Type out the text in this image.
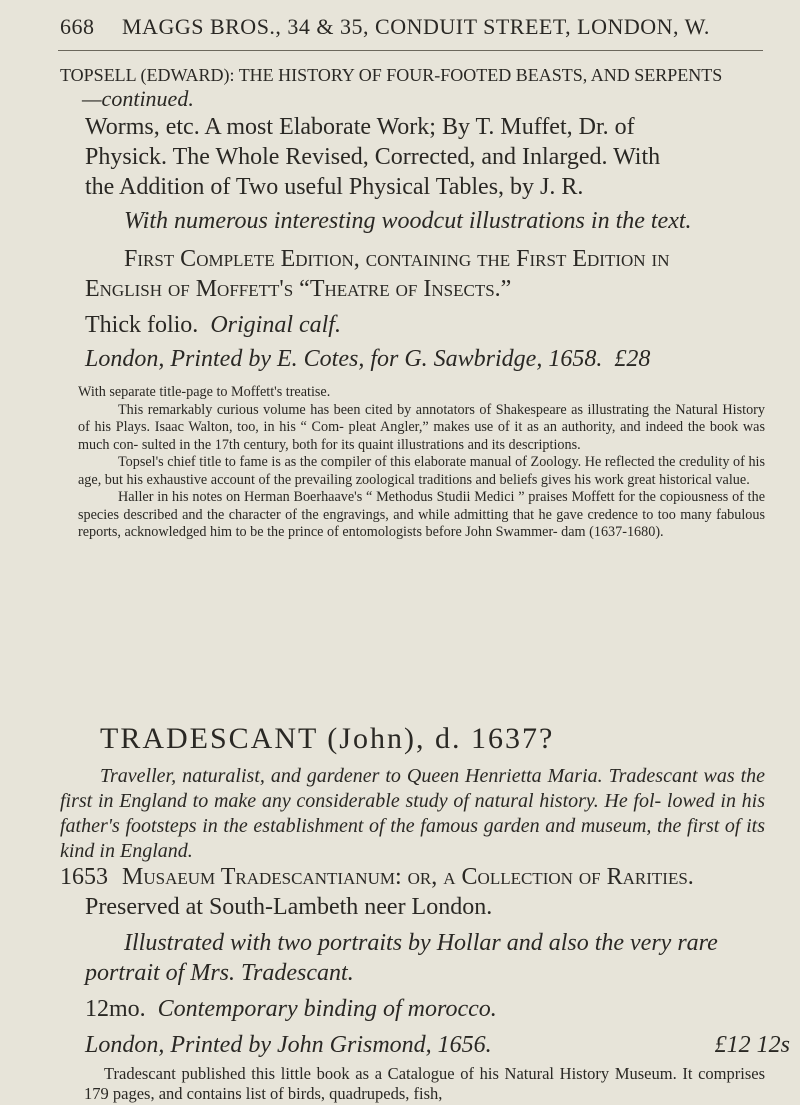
668 MAGGS BROS., 34 & 35, CONDUIT STREET, LONDON, W.
TOPSELL (EDWARD): THE HISTORY OF FOUR-FOOTED BEASTS, AND SERPENTS
—continued.
Worms, etc. A most Elaborate Work; By T. Muffet, Dr. of
Physick. The Whole Revised, Corrected, and Inlarged. With
the Addition of Two useful Physical Tables, by J. R.
With numerous interesting woodcut illustrations in the text.
First Complete Edition, containing the First Edition in
English of Moffett's “Theatre of Insects.”
Thick folio. Original calf.
London, Printed by E. Cotes, for G. Sawbridge, 1658. £28
With separate title-page to Moffett's treatise.
This remarkably curious volume has been cited by annotators of Shakespeare as illustrating the Natural History of his Plays. Isaac Walton, too, in his “ Com- pleat Angler,” makes use of it as an authority, and indeed the book was much con- sulted in the 17th century, both for its quaint illustrations and its descriptions.
Topsel's chief title to fame is as the compiler of this elaborate manual of Zoology. He reflected the credulity of his age, but his exhaustive account of the prevailing zoological traditions and beliefs gives his work great historical value.
Haller in his notes on Herman Boerhaave's “ Methodus Studii Medici ” praises Moffett for the copiousness of the species described and the character of the engravings, and while admitting that he gave credence to too many fabulous reports, acknowledged him to be the prince of entomologists before John Swammer- dam (1637-1680).
TRADESCANT (John), d. 1637?

Traveller, naturalist, and gardener to Queen Henrietta Maria. Tradescant was the first in England to make any considerable study of natural history. He fol- lowed in his father's footsteps in the establishment of the famous garden and museum, the first of its kind in England.

1653 Musaeum Tradescantianum: or, a Collection of Rarities.
Preserved at South-Lambeth neer London.
Illustrated with two portraits by Hollar and also the very rare
portrait of Mrs. Tradescant.
12mo. Contemporary binding of morocco.
London, Printed by John Grismond, 1656.	£12 12s
Tradescant published this little book as a Catalogue of his Natural History Museum. It comprises 179 pages, and contains list of birds, quadrupeds, fish,
